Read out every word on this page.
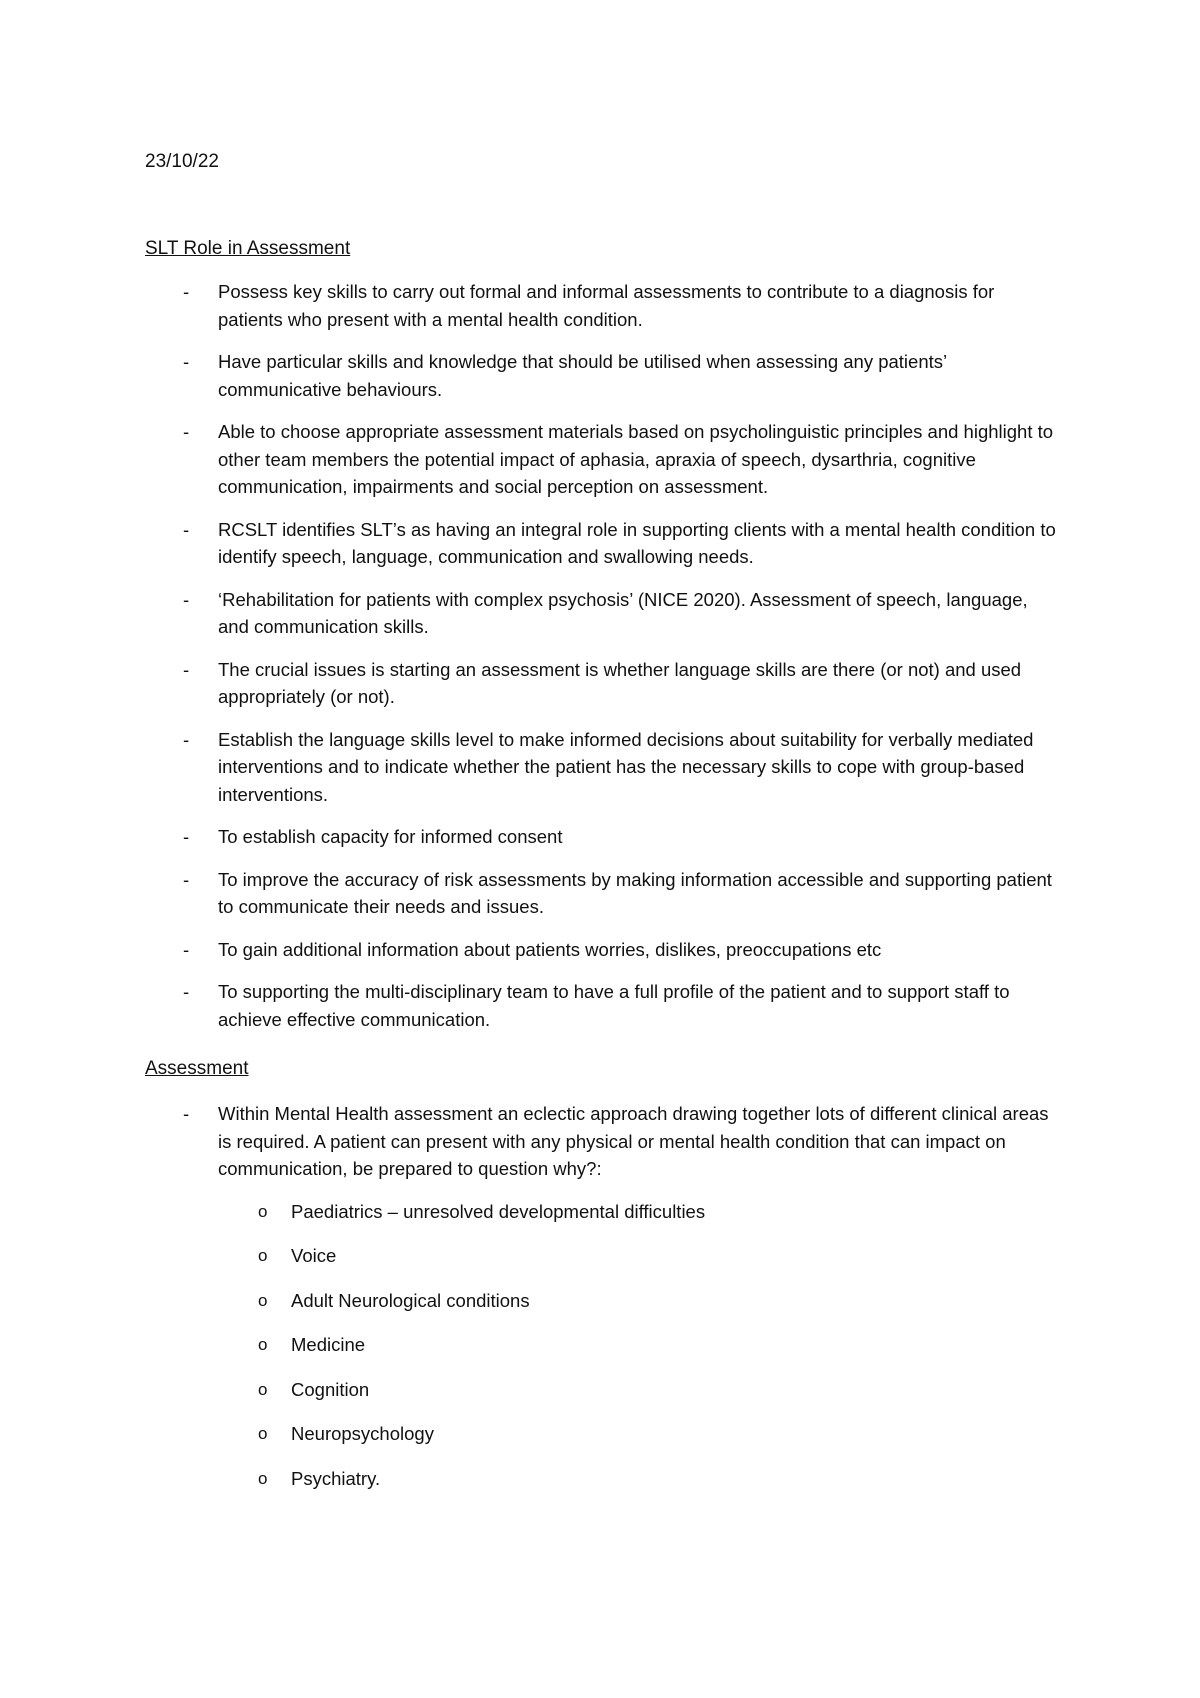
23/10/22
SLT Role in Assessment
- Possess key skills to carry out formal and informal assessments to contribute to a diagnosis for patients who present with a mental health condition.
- Have particular skills and knowledge that should be utilised when assessing any patients’ communicative behaviours.
- Able to choose appropriate assessment materials based on psycholinguistic principles and highlight to other team members the potential impact of aphasia, apraxia of speech, dysarthria, cognitive communication, impairments and social perception on assessment.
- RCSLT identifies SLT’s as having an integral role in supporting clients with a mental health condition to identify speech, language, communication and swallowing needs.
- ‘Rehabilitation for patients with complex psychosis’ (NICE 2020). Assessment of speech, language, and communication skills.
- The crucial issues is starting an assessment is whether language skills are there (or not) and used appropriately (or not).
- Establish the language skills level to make informed decisions about suitability for verbally mediated interventions and to indicate whether the patient has the necessary skills to cope with group-based interventions.
- To establish capacity for informed consent
- To improve the accuracy of risk assessments by making information accessible and supporting patient to communicate their needs and issues.
- To gain additional information about patients worries, dislikes, preoccupations etc
- To supporting the multi-disciplinary team to have a full profile of the patient and to support staff to achieve effective communication.
Assessment
- Within Mental Health assessment an eclectic approach drawing together lots of different clinical areas is required. A patient can present with any physical or mental health condition that can impact on communication, be prepared to question why?:
o Paediatrics – unresolved developmental difficulties
o Voice
o Adult Neurological conditions
o Medicine
o Cognition
o Neuropsychology
o Psychiatry.
